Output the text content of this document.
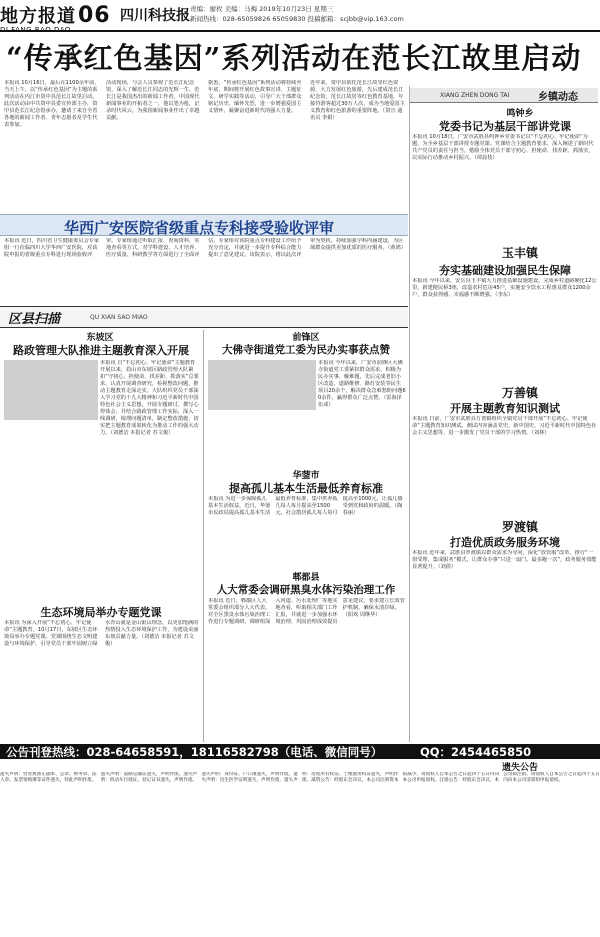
地方报道06 四川科技报 责编：廖枚 美编：马梅 2019年10月23日 星期三
新闻热线：028-65059826 65059830 投稿邮箱：scjbb@vip.163.com
“传承红色基因”系列活动在范长江故里启动

本报讯 10月16日，最后在1100余年前，当天上午，以“传承红色基因”为主题的系列活动在内江市资中县范长江故里启动。此次活动由中共资中县委宣传部主办，资中县范长江纪念馆承办，邀请了来自全省各地的新闻工作者、青年志愿者及学生代表参加。

活动现场，与会人员参观了范长江纪念馆，深入了解范长江同志的光辉一生。范长江是我国杰出的新闻工作者，中国现代新闻事业的开拓者之一，他以笔为枪，记录时代风云，为我国新闻事业作出了卓越贡献。

据悉，“传承红色基因”系列活动将持续至年底，期间将开展红色故事宣讲、主题征文、研学实践等活动，引导广大干部群众铭记历史、缅怀先烈，进一步增强爱国主义情怀，凝聚奋进新时代的强大力量。

近年来，资中县依托范长江故里红色资源，大力发展红色旅游，先后建成范长江纪念馆、范长江故居等红色教育基地，年接待游客超过30万人次，成为当地爱国主义教育和红色旅游的重要阵地。（资宣 通讯员 李娟）

XIANG ZHEN DONG TAI	乡镇动态
鸣钟乡
党委书记为基层干部讲党课
本报讯 10月18日，广安市武胜县鸣钟乡党委书记以“不忘初心、牢记使命”为题，为全乡基层干部讲授专题党课。党课结合主题教育要求，深入阐述了新时代共产党员的责任与担当，勉励全体党员干部守初心、担使命、找差距、抓落实，以实际行动推动乡村振兴。（谭晨枝）
玉丰镇
夯实基础建设加强民生保障
本报讯 今年以来，安岳县玉丰镇大力推进基础设施建设，完成乡村道路硬化12公里，新建便民桥3座，改造农村危房45户，实施安全饮水工程惠及群众1200余户，群众获得感、幸福感不断增强。（李东）
万善镇
开展主题教育知识测试
本报讯 日前，广安市武胜县万善镇组织全镇党员干部开展“不忘初心、牢记使命”主题教育知识测试。测试内容涵盖党史、新中国史、习近平新时代中国特色社会主义思想等，进一步激发了党员干部的学习热情。（刘林）
罗渡镇
打造优质政务服务环境
本报讯 近年来，武胜县罗渡镇以群众需求为导向，深化“放管服”改革，推行“一窗受理、集成服务”模式，让群众办事“只进一扇门、最多跑一次”，政务服务效能显著提升。（刘倩）
华西广安医院省级重点专科接受验收评审
本报讯 近日，四川省卫生健康委员会专家组一行莅临四川大学华西广安医院，对该院申报的省级重点专科进行现场验收评审。专家组通过听取汇报、查阅资料、实地查看等方式，对学科建设、人才培养、医疗质量、科研教学等方面进行了全面评估。专家组对该院重点专科建设工作给予充分肯定，并就进一步提升专科综合能力提出了意见建议。该院表示，将以此次评审为契机，持续加强学科内涵建设，为区域群众提供更加优质的医疗服务。（黄鸿）
区县扫描	QU XIAN SAO MIAO
东坡区
路政管理大队推进主题教育深入开展
本报讯 自“不忘初心、牢记使命”主题教育开展以来，眉山市东坡区路政管理大队紧扣“守初心、担使命、找差距、抓落实”总要求，认真开展调查研究，检视整改问题，推动主题教育走深走实。大队组织党员干部深入学习党的十九大精神和习近平新时代中国特色社会主义思想，开展专题研讨，撰写心得体会，并结合路政管理工作实际，深入一线调研，梳理问题清单，制定整改措施，切实把主题教育成果转化为推动工作的强大动力。（刘德洁 本报记者 苏文俊）
生态环境局举办专题党课
本报讯 为深入开展“不忘初心、牢记使命”主题教育，10月17日，东坡区生态环境局举办专题党课。党课围绕生态文明建设与环境保护，引导党员干部牢固树立绿水青山就是金山银山理念，以更加饱满的热情投入生态环境保护工作，为建设美丽东坡贡献力量。（刘德洁 本报记者 苏文俊）
前锋区
大佛寺街道党工委为民办实事获点赞
本报讯 今年以来，广安市前锋区大佛寺街道党工委紧扣群众需求，积极为民办实事、解难题，先后完成老旧小区改造、道路维修、路灯安装等民生项目20余个，解决群众急难愁盼问题60余件，赢得群众广泛点赞。（雷海泽 伍成）
华蓥市
提高孤儿基本生活最低养育标准
本报讯 为进一步保障孤儿基本生活权益，近日，华蓥市民政局提高孤儿基本生活最低养育标准，集中供养孤儿每人每月提高至1500元，社会散居孤儿每人每月提高至1000元，让孤儿感受到党和政府的温暖。（陶春丽）
郫都县
人大常委会调研黑臭水体污染治理工作
本报讯 近日，郫都区人大常委会组织部分人大代表，对全区黑臭水体污染治理工作进行专题调研。调研组深入河道、污水处理厂等地实地查看，听取相关部门工作汇报，并就进一步加强水环境治理、巩固治理成效提出意见建议，要求建立长效管护机制，确保水清岸绿。（阳欢 周继华）
公告刊登热线：028-64658591，18116582798（电话、微信同号）	QQ：2454465850
遗失公告
遗失声明：营业执照正副本、公章、财务章、法人章、发票领购簿等证件遗失，特此声明作废。遗失声明：道路运输证遗失，声明作废。遗失声明：机动车行驶证、登记证书遗失，声明作废。遗失声明：身份证、户口簿遗失，声明作废。遗失声明：出生医学证明遗失，声明作废。遗失声明：房屋所有权证、土地使用权证遗失，声明作废。减资公告：经股东会决议，本公司注册资本拟减少，请债权人自本公告之日起四十五日内向本公司申报债权。注销公告：经股东会决议，本公司拟注销，请债权人自本公告之日起四十五日内向本公司清算组申报债权。
